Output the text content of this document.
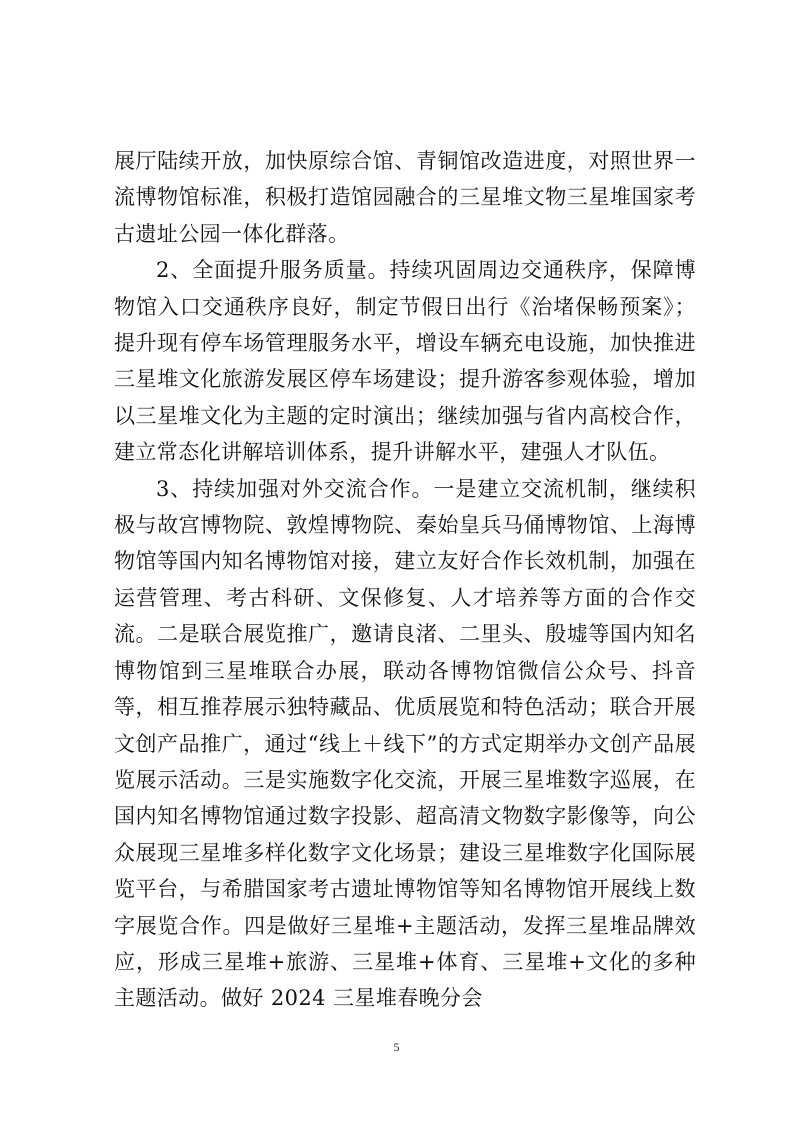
展厅陆续开放，加快原综合馆、青铜馆改造进度，对照世界一流博物馆标准，积极打造馆园融合的三星堆文物三星堆国家考古遗址公园一体化群落。

2、全面提升服务质量。持续巩固周边交通秩序，保障博物馆入口交通秩序良好，制定节假日出行《治堵保畅预案》；提升现有停车场管理服务水平，增设车辆充电设施，加快推进三星堆文化旅游发展区停车场建设；提升游客参观体验，增加以三星堆文化为主题的定时演出；继续加强与省内高校合作，建立常态化讲解培训体系，提升讲解水平，建强人才队伍。

3、持续加强对外交流合作。一是建立交流机制，继续积极与故宫博物院、敦煌博物院、秦始皇兵马俑博物馆、上海博物馆等国内知名博物馆对接，建立友好合作长效机制，加强在运营管理、考古科研、文保修复、人才培养等方面的合作交流。二是联合展览推广，邀请良渚、二里头、殷墟等国内知名博物馆到三星堆联合办展，联动各博物馆微信公众号、抖音等，相互推荐展示独特藏品、优质展览和特色活动；联合开展文创产品推广，通过“线上＋线下”的方式定期举办文创产品展览展示活动。三是实施数字化交流，开展三星堆数字巡展，在国内知名博物馆通过数字投影、超高清文物数字影像等，向公众展现三星堆多样化数字文化场景；建设三星堆数字化国际展览平台，与希腊国家考古遗址博物馆等知名博物馆开展线上数字展览合作。四是做好三星堆+主题活动，发挥三星堆品牌效应，形成三星堆+旅游、三星堆+体育、三星堆+文化的多种主题活动。做好 2024 三星堆春晚分会

5
